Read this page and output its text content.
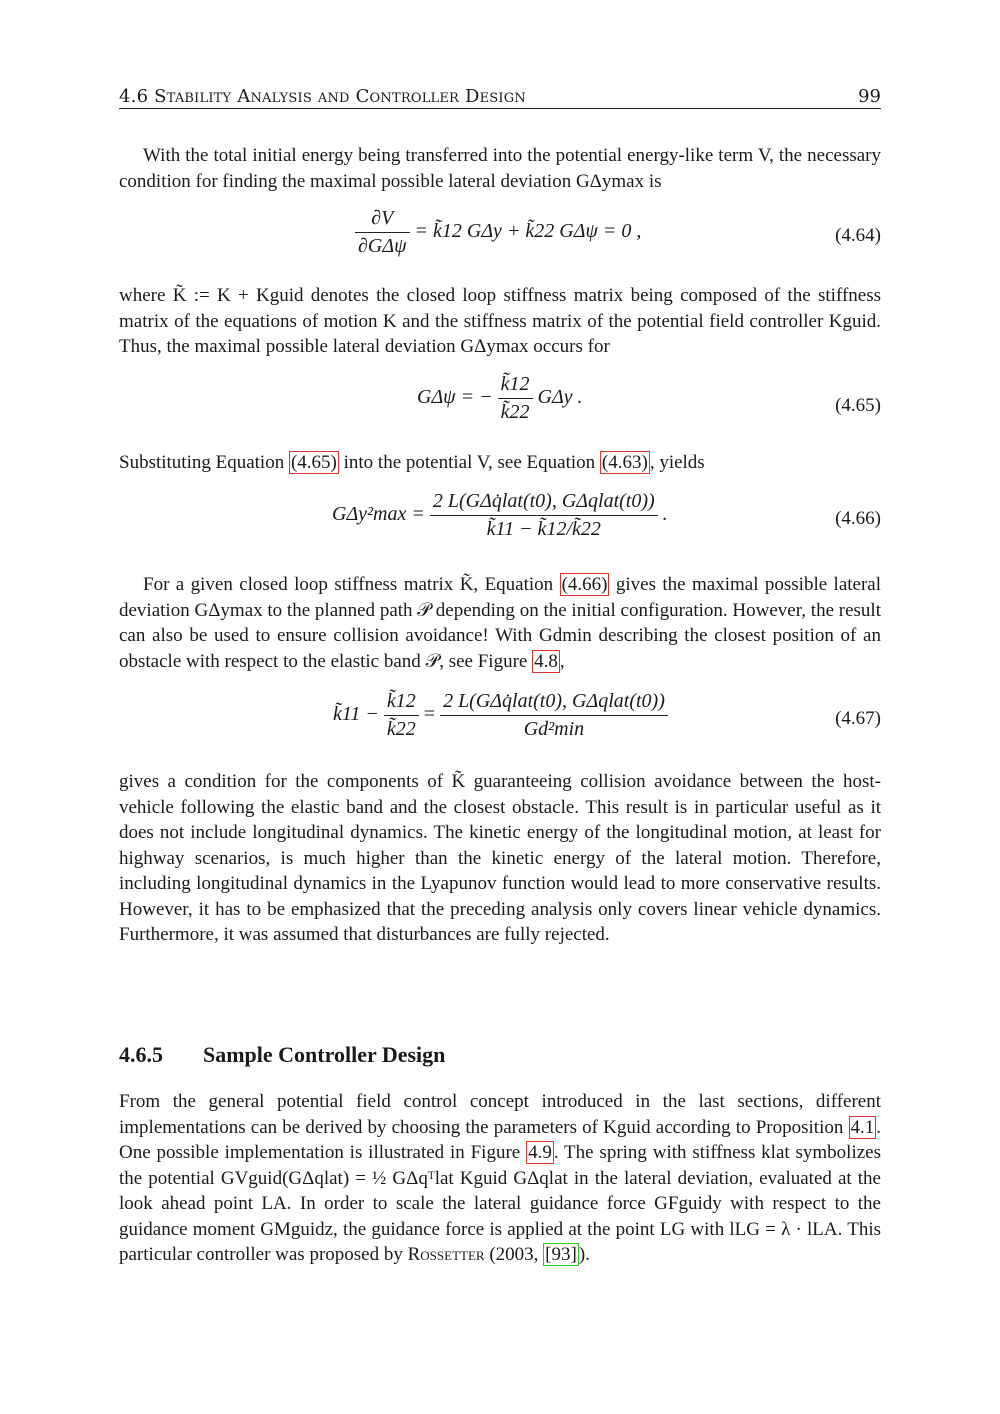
4.6 Stability Analysis and Controller Design	99
With the total initial energy being transferred into the potential energy-like term V, the necessary condition for finding the maximal possible lateral deviation GΔymax is
$\frac{\partial V}{\text{∂GΔψ}}$ = k̃12 GΔy + k̃22 GΔψ = 0 ,	(4.64)
where K̃ := K + Kguid denotes the closed loop stiffness matrix being composed of the stiffness matrix of the equations of motion K and the stiffness matrix of the potential field controller Kguid. Thus, the maximal possible lateral deviation GΔymax occurs for
GΔψ = − $\frac{k̃12}{k̃22}$ GΔy .	(4.65)
Substituting Equation (4.65) into the potential V, see Equation (4.63) , yields
$G\Delta y^2\max = \frac{\text{2 L(GΔq̇lat(t0), GΔqlat(t0))}}{k̃11 - k̃12/k̃22}$ .	(4.66)
For a given closed loop stiffness matrix K̃, Equation (4.66) gives the maximal possible lateral deviation GΔymax to the planned path 𝒫 depending on the initial configuration. However, the result can also be used to ensure collision avoidance! With Gdmin describing the closest position of an obstacle with respect to the elastic band 𝒫, see Figure 4.8 ,
k̃11 − $\frac{k̃12}{k̃22} = \frac{\text{2 L(GΔq̇lat(t0), GΔqlat(t0))}}{\text{Gd²min}}$	(4.67)
gives a condition for the components of K̃ guaranteeing collision avoidance between the host-vehicle following the elastic band and the closest obstacle. This result is in particular useful as it does not include longitudinal dynamics. The kinetic energy of the longitudinal motion, at least for highway scenarios, is much higher than the kinetic energy of the lateral motion. Therefore, including longitudinal dynamics in the Lyapunov function would lead to more conservative results. However, it has to be emphasized that the preceding analysis only covers linear vehicle dynamics. Furthermore, it was assumed that disturbances are fully rejected.
4.6.5 Sample Controller Design
From the general potential field control concept introduced in the last sections, different implementations can be derived by choosing the parameters of Kguid according to Proposition 4.1 . One possible implementation is illustrated in Figure 4.9 . The spring with stiffness klat symbolizes the potential GVguid(GΔqlat) = ½ GΔqᵀlat Kguid GΔqlat in the lateral deviation, evaluated at the look ahead point LA. In order to scale the lateral guidance force GFguidy with respect to the guidance moment GMguidz, the guidance force is applied at the point LG with lLG = λ · lLA. This particular controller was proposed by Rossetter (2003, [93] ).
